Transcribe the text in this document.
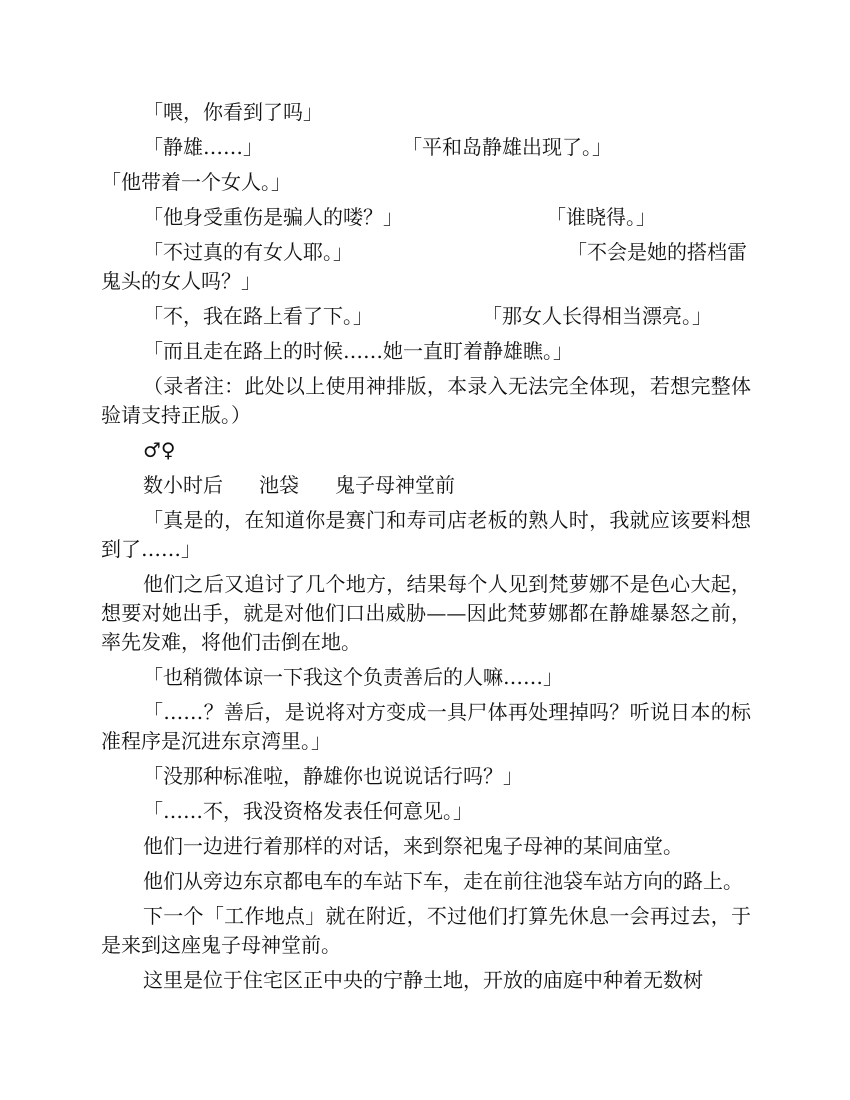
「喂，你看到了吗」

「静雄……」	「平和岛静雄出现了。」

「他带着一个女人。」

「他身受重伤是骗人的喽？」	「谁晓得。」
「不过真的有女人耶。」	「不会是她的搭档雷
鬼头的女人吗？」
「不，我在路上看了下。」	「那女人长得相当漂亮。」

「而且走在路上的时候……她一直盯着静雄瞧。」

（录者注：此处以上使用神排版，本录入无法完全体现，若想完整体验请支持正版。）

♂♀

数小时后 池袋 鬼子母神堂前

「真是的，在知道你是赛门和寿司店老板的熟人时，我就应该要料想到了……」

他们之后又追讨了几个地方，结果每个人见到梵萝娜不是色心大起，想要对她出手，就是对他们口出威胁——因此梵萝娜都在静雄暴怒之前，率先发难，将他们击倒在地。

「也稍微体谅一下我这个负责善后的人嘛……」

「……？善后，是说将对方变成一具尸体再处理掉吗？听说日本的标准程序是沉进东京湾里。」

「没那种标准啦，静雄你也说说话行吗？」

「……不，我没资格发表任何意见。」

他们一边进行着那样的对话，来到祭祀鬼子母神的某间庙堂。

他们从旁边东京都电车的车站下车，走在前往池袋车站方向的路上。

下一个「工作地点」就在附近，不过他们打算先休息一会再过去，于是来到这座鬼子母神堂前。

这里是位于住宅区正中央的宁静土地，开放的庙庭中种着无数树
